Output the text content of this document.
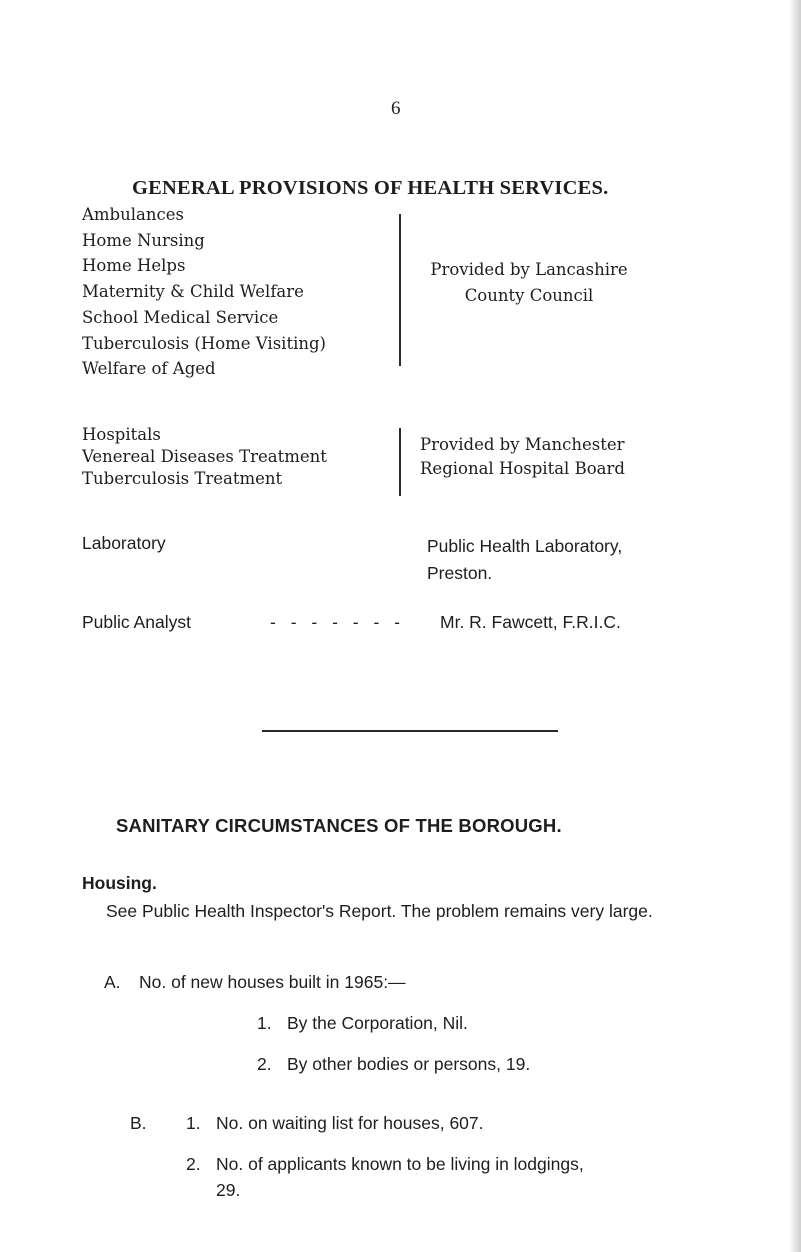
6
GENERAL PROVISIONS OF HEALTH SERVICES.
Ambulances
Home Nursing
Home Helps
Maternity & Child Welfare
School Medical Service
Tuberculosis (Home Visiting)
Welfare of Aged
Provided by Lancashire
County Council
Hospitals
Venereal Diseases Treatment
Tuberculosis Treatment
Provided by Manchester
Regional Hospital Board
Laboratory	Public Health Laboratory,
Preston.
Public Analyst	- - - - - - - Mr. R. Fawcett, F.R.I.C.
SANITARY CIRCUMSTANCES OF THE BOROUGH.
Housing.
See Public Health Inspector's Report. The problem remains very large.
A. No. of new houses built in 1965:—
1. By the Corporation, Nil.
2. By other bodies or persons, 19.
B. 1. No. on waiting list for houses, 607.
2. No. of applicants known to be living in lodgings,
29.
